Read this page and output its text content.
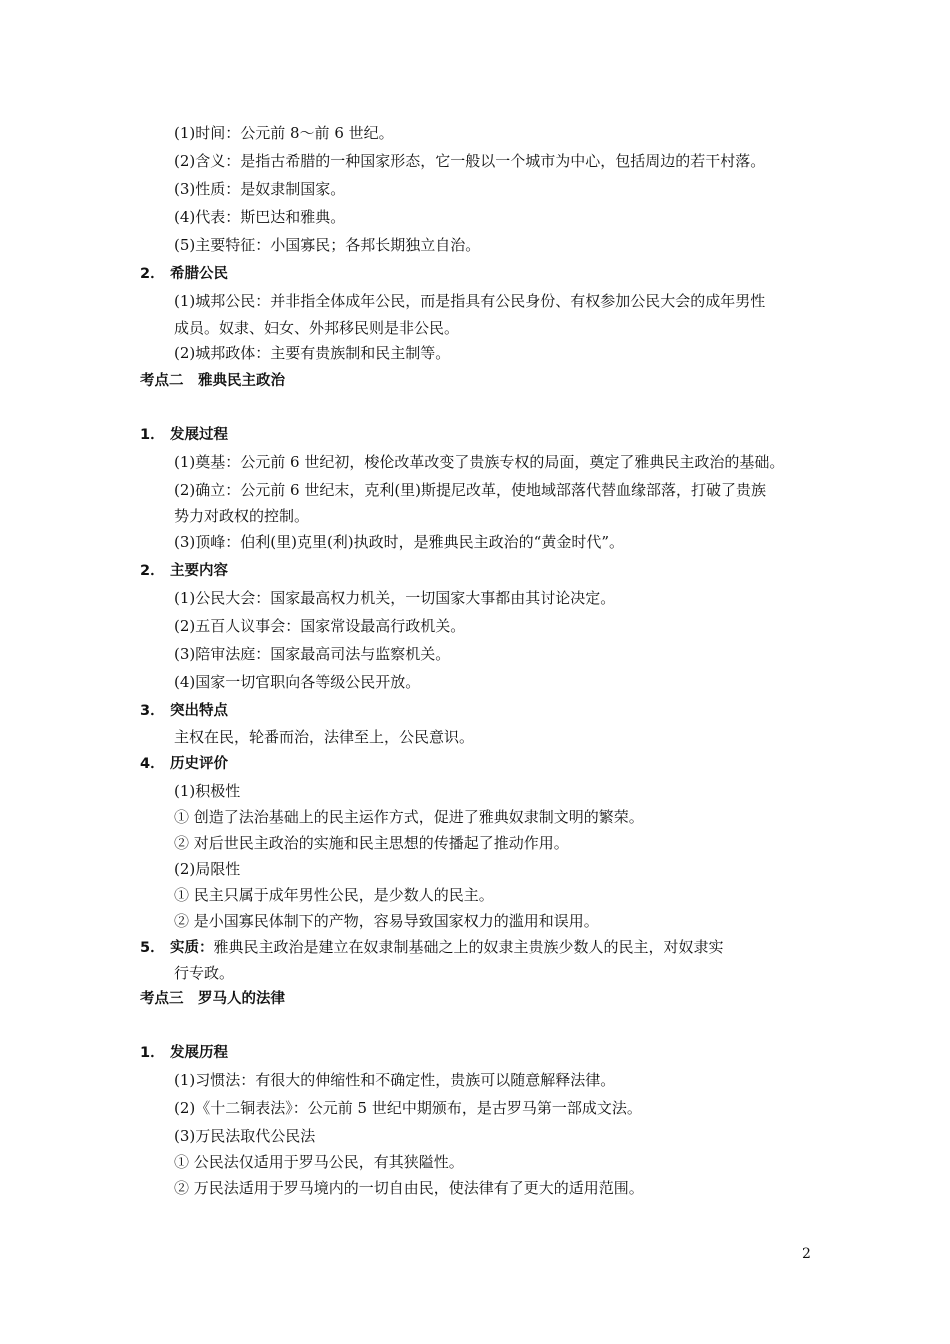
(1)时间：公元前 8～前 6 世纪。
(2)含义：是指古希腊的一种国家形态，它一般以一个城市为中心，包括周边的若干村落。
(3)性质：是奴隶制国家。
(4)代表：斯巴达和雅典。
(5)主要特征：小国寡民；各邦长期独立自治。
2． 希腊公民
(1)城邦公民：并非指全体成年公民，而是指具有公民身份、有权参加公民大会的成年男性
成员。奴隶、妇女、外邦移民则是非公民。
(2)城邦政体：主要有贵族制和民主制等。
考点二　雅典民主政治
1． 发展过程
(1)奠基：公元前 6 世纪初，梭伦改革改变了贵族专权的局面，奠定了雅典民主政治的基础。
(2)确立：公元前 6 世纪末，克利(里)斯提尼改革，使地域部落代替血缘部落，打破了贵族
势力对政权的控制。
(3)顶峰：伯利(里)克里(利)执政时，是雅典民主政治的“黄金时代”。
2． 主要内容
(1)公民大会：国家最高权力机关，一切国家大事都由其讨论决定。
(2)五百人议事会：国家常设最高行政机关。
(3)陪审法庭：国家最高司法与监察机关。
(4)国家一切官职向各等级公民开放。
3． 突出特点
主权在民，轮番而治，法律至上，公民意识。
4． 历史评价
(1)积极性
① 创造了法治基础上的民主运作方式，促进了雅典奴隶制文明的繁荣。
② 对后世民主政治的实施和民主思想的传播起了推动作用。
(2)局限性
① 民主只属于成年男性公民，是少数人的民主。
② 是小国寡民体制下的产物，容易导致国家权力的滥用和误用。
5． 实质：雅典民主政治是建立在奴隶制基础之上的奴隶主贵族少数人的民主，对奴隶实
行专政。
考点三　罗马人的法律
1． 发展历程
(1)习惯法：有很大的伸缩性和不确定性，贵族可以随意解释法律。
(2)《十二铜表法》：公元前 5 世纪中期颁布，是古罗马第一部成文法。
(3)万民法取代公民法
① 公民法仅适用于罗马公民，有其狭隘性。
② 万民法适用于罗马境内的一切自由民，使法律有了更大的适用范围。
2
